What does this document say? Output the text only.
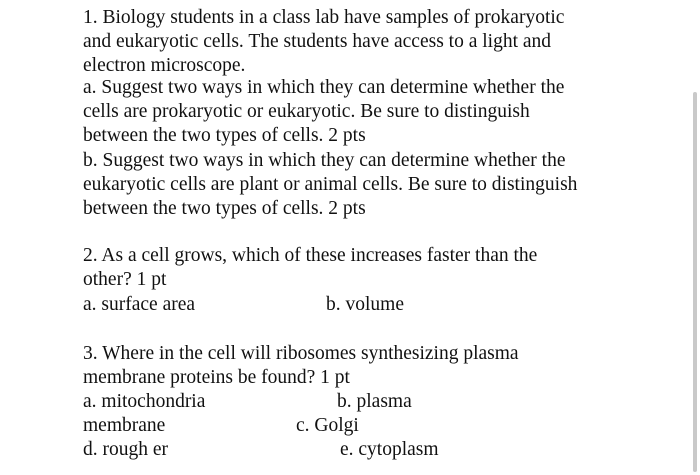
1. Biology students in a class lab have samples of prokaryotic
and eukaryotic cells. The students have access to a light and
electron microscope.
a. Suggest two ways in which they can determine whether the
cells are prokaryotic or eukaryotic. Be sure to distinguish
between the two types of cells. 2 pts
b. Suggest two ways in which they can determine whether the
eukaryotic cells are plant or animal cells. Be sure to distinguish
between the two types of cells. 2 pts
2. As a cell grows, which of these increases faster than the
other? 1 pt
a. surface area	b. volume
3. Where in the cell will ribosomes synthesizing plasma
membrane proteins be found? 1 pt
a. mitochondria	b. plasma
membrane	c. Golgi
d. rough er	e. cytoplasm
